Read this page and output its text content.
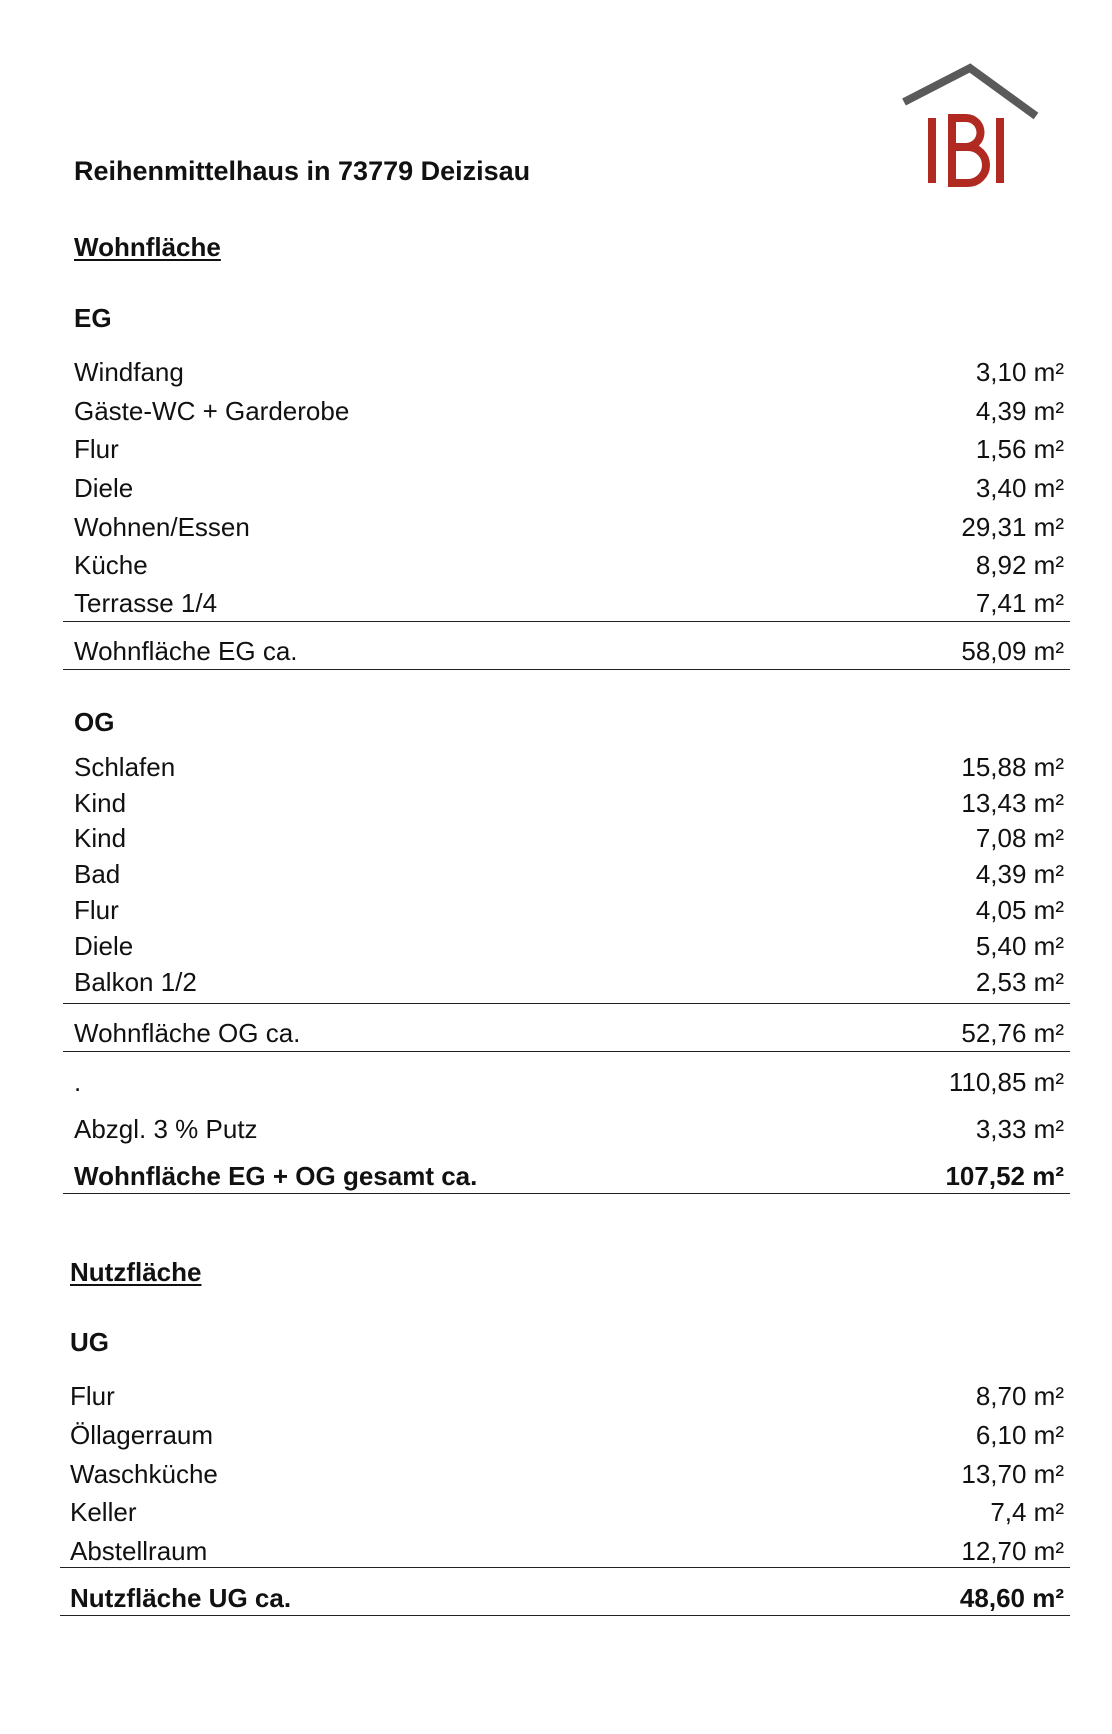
Reihenmittelhaus in 73779 Deizisau
Wohnfläche
EG
Windfang	3,10 m²
Gäste-WC + Garderobe	4,39 m²
Flur	1,56 m²
Diele	3,40 m²
Wohnen/Essen	29,31 m²
Küche	8,92 m²
Terrasse 1/4	7,41 m²
Wohnfläche EG ca.	58,09 m²
OG
Schlafen	15,88 m²
Kind	13,43 m²
Kind	7,08 m²
Bad	4,39 m²
Flur	4,05 m²
Diele	5,40 m²
Balkon 1/2	2,53 m²
Wohnfläche OG ca.	52,76 m²
.	110,85 m²
Abzgl. 3 % Putz	3,33 m²
Wohnfläche EG + OG gesamt ca.	107,52 m²
Nutzfläche
UG
Flur	8,70 m²
Öllagerraum	6,10 m²
Waschküche	13,70 m²
Keller	7,4 m²
Abstellraum	12,70 m²
Nutzfläche UG ca.	48,60 m²
